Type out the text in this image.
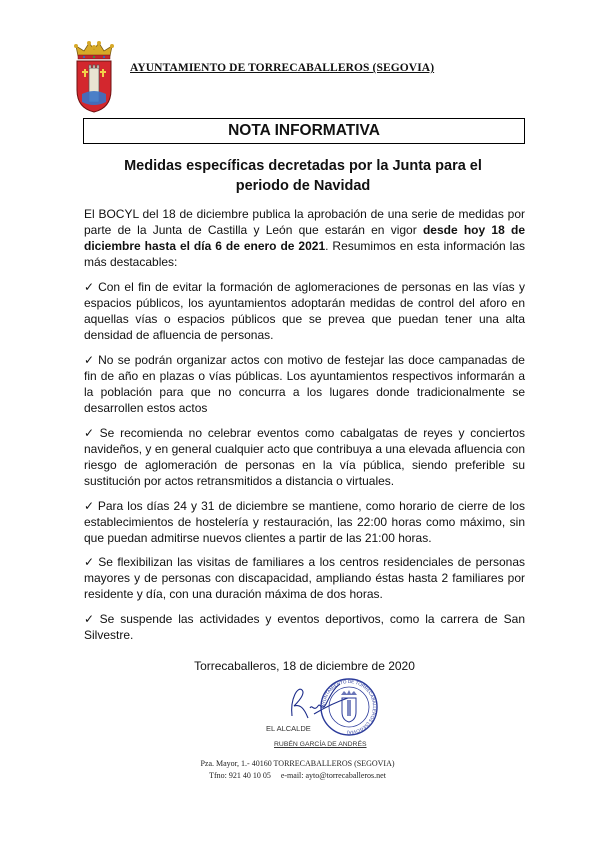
AYUNTAMIENTO DE TORRECABALLEROS (SEGOVIA)
NOTA INFORMATIVA
Medidas específicas decretadas por la Junta para el
periodo de Navidad

El BOCYL del 18 de diciembre publica la aprobación de una serie de medidas por parte de la Junta de Castilla y León que estarán en vigor desde hoy 18 de diciembre hasta el día 6 de enero de 2021. Resumimos en esta información las más destacables:

✓ Con el fin de evitar la formación de aglomeraciones de personas en las vías y espacios públicos, los ayuntamientos adoptarán medidas de control del aforo en aquellas vías o espacios públicos que se prevea que puedan tener una alta densidad de afluencia de personas.

✓ No se podrán organizar actos con motivo de festejar las doce campanadas de fin de año en plazas o vías públicas. Los ayuntamientos respectivos informarán a la población para que no concurra a los lugares donde tradicionalmente se desarrollen estos actos

✓ Se recomienda no celebrar eventos como cabalgatas de reyes y conciertos navideños, y en general cualquier acto que contribuya a una elevada afluencia con riesgo de aglomeración de personas en la vía pública, siendo preferible su sustitución por actos retransmitidos a distancia o virtuales.

✓ Para los días 24 y 31 de diciembre se mantiene, como horario de cierre de los establecimientos de hostelería y restauración, las 22:00 horas como máximo, sin que puedan admitirse nuevos clientes a partir de las 21:00 horas.

✓ Se flexibilizan las visitas de familiares a los centros residenciales de personas mayores y de personas con discapacidad, ampliando éstas hasta 2 familiares por residente y día, con una duración máxima de dos horas.

✓ Se suspende las actividades y eventos deportivos, como la carrera de San Silvestre.

Torrecaballeros, 18 de diciembre de 2020
AYUNTAMIENTO DE TORRECABALLEROS (SEGOVIA)
EL ALCALDE
RUBÉN GARCÍA DE ANDRÉS
Pza. Mayor, 1.- 40160 TORRECABALLEROS (SEGOVIA)
Tfno: 921 40 10 05     e-mail: ayto@torrecaballeros.net
